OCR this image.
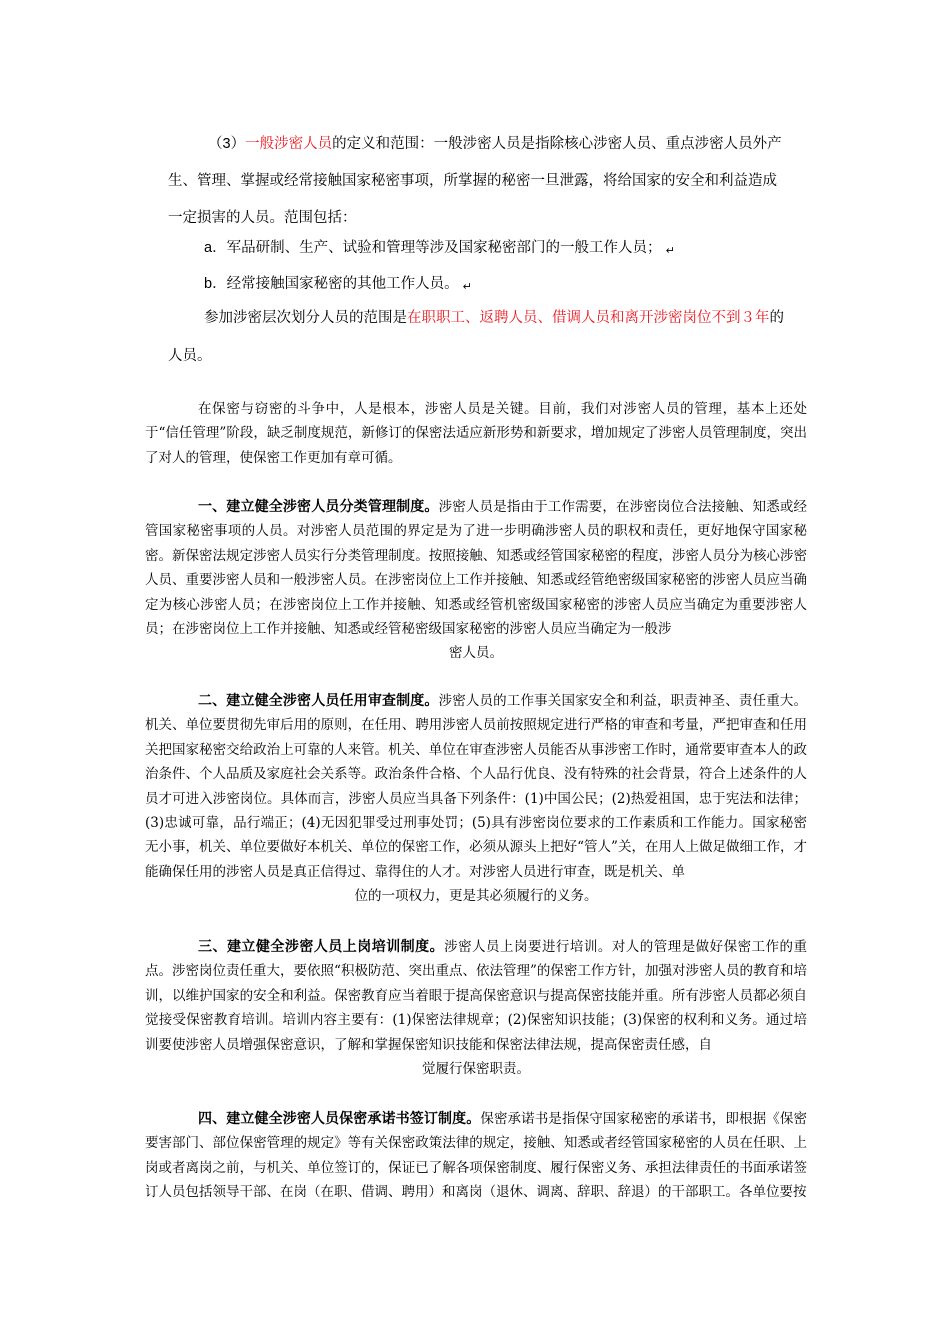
（3）一般涉密人员的定义和范围：一般涉密人员是指除核心涉密人员、重点涉密人员外产生、管理、掌握或经常接触国家秘密事项，所掌握的秘密一旦泄露，将给国家的安全和利益造成一定损害的人员。范围包括：
a．军品研制、生产、试验和管理等涉及国家秘密部门的一般工作人员； ↵
b．经常接触国家秘密的其他工作人员。 ↵
参加涉密层次划分人员的范围是在职职工、返聘人员、借调人员和离开涉密岗位不到３年的
人员。
在保密与窃密的斗争中，人是根本，涉密人员是关键。目前，我们对涉密人员的管理，基本上还处于“信任管理”阶段，缺乏制度规范，新修订的保密法适应新形势和新要求，增加规定了涉密人员管理制度，突出了对人的管理，使保密工作更加有章可循。
一、建立健全涉密人员分类管理制度。涉密人员是指由于工作需要，在涉密岗位合法接触、知悉或经管国家秘密事项的人员。对涉密人员范围的界定是为了进一步明确涉密人员的职权和责任，更好地保守国家秘密。新保密法规定涉密人员实行分类管理制度。按照接触、知悉或经管国家秘密的程度，涉密人员分为核心涉密人员、重要涉密人员和一般涉密人员。在涉密岗位上工作并接触、知悉或经管绝密级国家秘密的涉密人员应当确定为核心涉密人员；在涉密岗位上工作并接触、知悉或经管机密级国家秘密的涉密人员应当确定为重要涉密人员；在涉密岗位上工作并接触、知悉或经管秘密级国家秘密的涉密人员应当确定为一般涉
密人员。
二、建立健全涉密人员任用审查制度。涉密人员的工作事关国家安全和利益，职责神圣、责任重大。机关、单位要贯彻先审后用的原则，在任用、聘用涉密人员前按照规定进行严格的审查和考量，严把审查和任用关把国家秘密交给政治上可靠的人来管。机关、单位在审查涉密人员能否从事涉密工作时，通常要审查本人的政治条件、个人品质及家庭社会关系等。政治条件合格、个人品行优良、没有特殊的社会背景，符合上述条件的人员才可进入涉密岗位。具体而言，涉密人员应当具备下列条件：(1)中国公民；(2)热爱祖国，忠于宪法和法律；(3)忠诚可靠，品行端正；(4)无因犯罪受过刑事处罚；(5)具有涉密岗位要求的工作素质和工作能力。国家秘密无小事，机关、单位要做好本机关、单位的保密工作，必须从源头上把好“管人”关，在用人上做足做细工作，才能确保任用的涉密人员是真正信得过、靠得住的人才。对涉密人员进行审查，既是机关、单
位的一项权力，更是其必须履行的义务。
三、建立健全涉密人员上岗培训制度。涉密人员上岗要进行培训。对人的管理是做好保密工作的重点。涉密岗位责任重大，要依照“积极防范、突出重点、依法管理”的保密工作方针，加强对涉密人员的教育和培训，以维护国家的安全和利益。保密教育应当着眼于提高保密意识与提高保密技能并重。所有涉密人员都必须自觉接受保密教育培训。培训内容主要有：(1)保密法律规章；(2)保密知识技能；(3)保密的权利和义务。通过培训要使涉密人员增强保密意识，了解和掌握保密知识技能和保密法律法规，提高保密责任感，自
觉履行保密职责。
四、建立健全涉密人员保密承诺书签订制度。保密承诺书是指保守国家秘密的承诺书，即根据《保密要害部门、部位保密管理的规定》等有关保密政策法律的规定，接触、知悉或者经管国家秘密的人员在任职、上岗或者离岗之前，与机关、单位签订的，保证已了解各项保密制度、履行保密义务、承担法律责任的书面承诺签订人员包括领导干部、在岗（在职、借调、聘用）和离岗（退休、调离、辞职、辞退）的干部职工。各单位要按
